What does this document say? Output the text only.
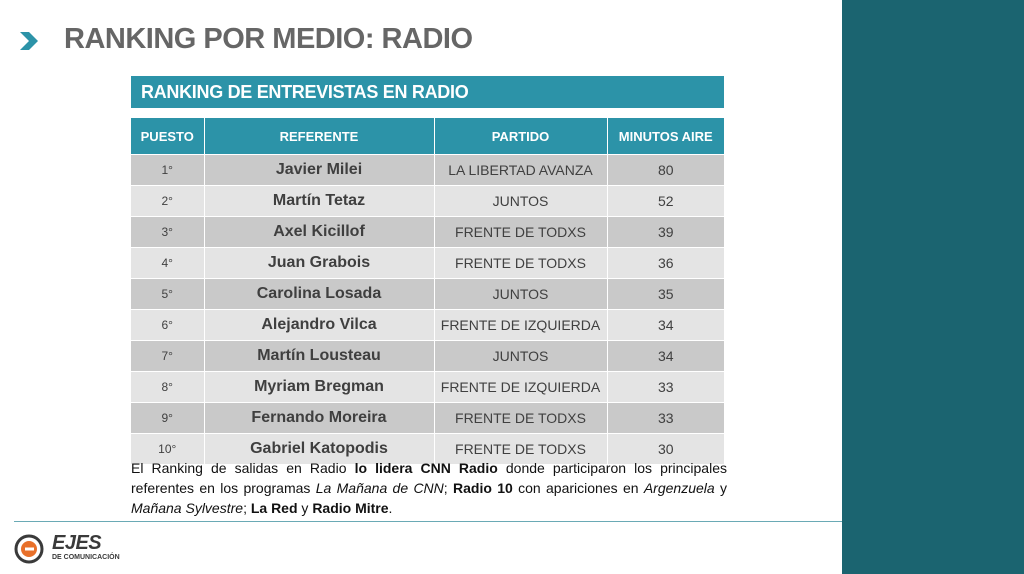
RANKING POR MEDIO: RADIO
RANKING DE ENTREVISTAS EN RADIO
PUESTO	REFERENTE	PARTIDO	MINUTOS AIRE
1°	Javier Milei	LA LIBERTAD AVANZA	80
2°	Martín Tetaz	JUNTOS	52
3°	Axel Kicillof	FRENTE DE TODXS	39
4°	Juan Grabois	FRENTE DE TODXS	36
5°	Carolina Losada	JUNTOS	35
6°	Alejandro Vilca	FRENTE DE IZQUIERDA	34
7°	Martín Lousteau	JUNTOS	34
8°	Myriam Bregman	FRENTE DE IZQUIERDA	33
9°	Fernando Moreira	FRENTE DE TODXS	33
10°	Gabriel Katopodis	FRENTE DE TODXS	30

El Ranking de salidas en Radio lo lidera CNN Radio donde participaron los principales referentes en los programas La Mañana de CNN; Radio 10 con apariciones en Argenzuela y Mañana Sylvestre; La Red y Radio Mitre.

EJES
DE COMUNICACIÓN
